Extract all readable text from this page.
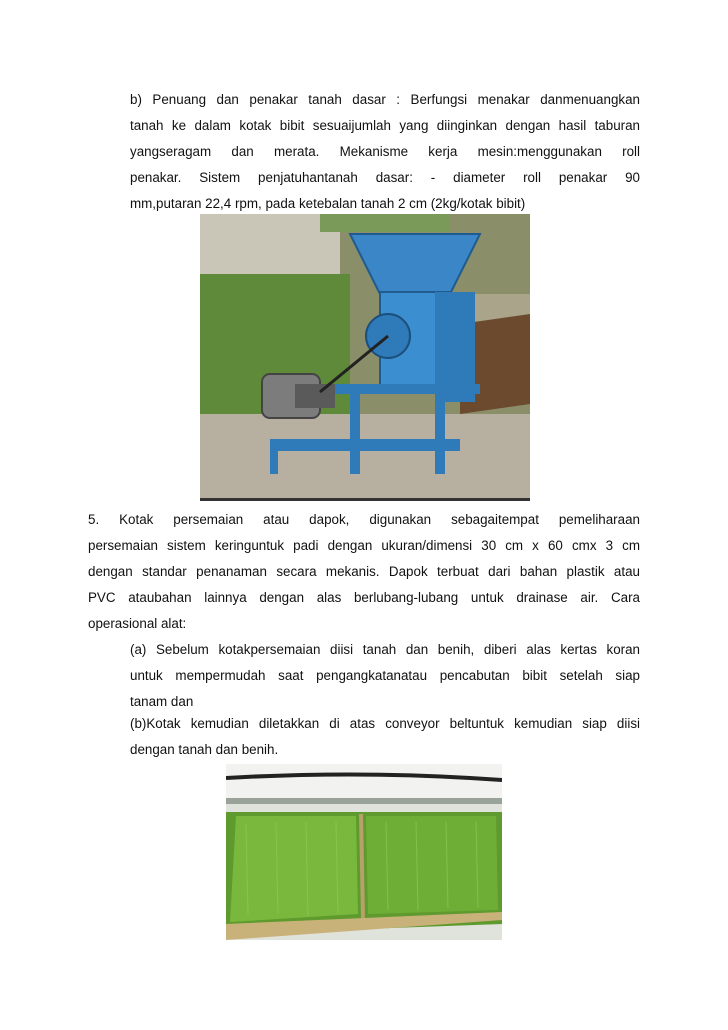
b) Penuang dan penakar tanah dasar : Berfungsi menakar danmenuangkan
tanah ke dalam kotak bibit sesuaijumlah yang diinginkan dengan hasil taburan
yangseragam dan merata. Mekanisme kerja mesin:menggunakan roll
penakar. Sistem penjatuhantanah dasar: - diameter roll penakar 90
mm,putaran 22,4 rpm, pada ketebalan tanah 2 cm (2kg/kotak bibit)
5. Kotak persemaian atau dapok, digunakan sebagaitempat pemeliharaan
persemaian sistem keringuntuk padi dengan ukuran/dimensi 30 cm x 60 cmx 3 cm
dengan standar penanaman secara mekanis. Dapok terbuat dari bahan plastik atau
PVC ataubahan lainnya dengan alas berlubang-lubang untuk drainase air. Cara
operasional alat:
(a) Sebelum kotakpersemaian diisi tanah dan benih, diberi alas kertas koran
untuk mempermudah saat pengangkatanatau pencabutan bibit setelah siap
tanam dan
(b)Kotak kemudian diletakkan di atas conveyor beltuntuk kemudian siap diisi
dengan tanah dan benih.
